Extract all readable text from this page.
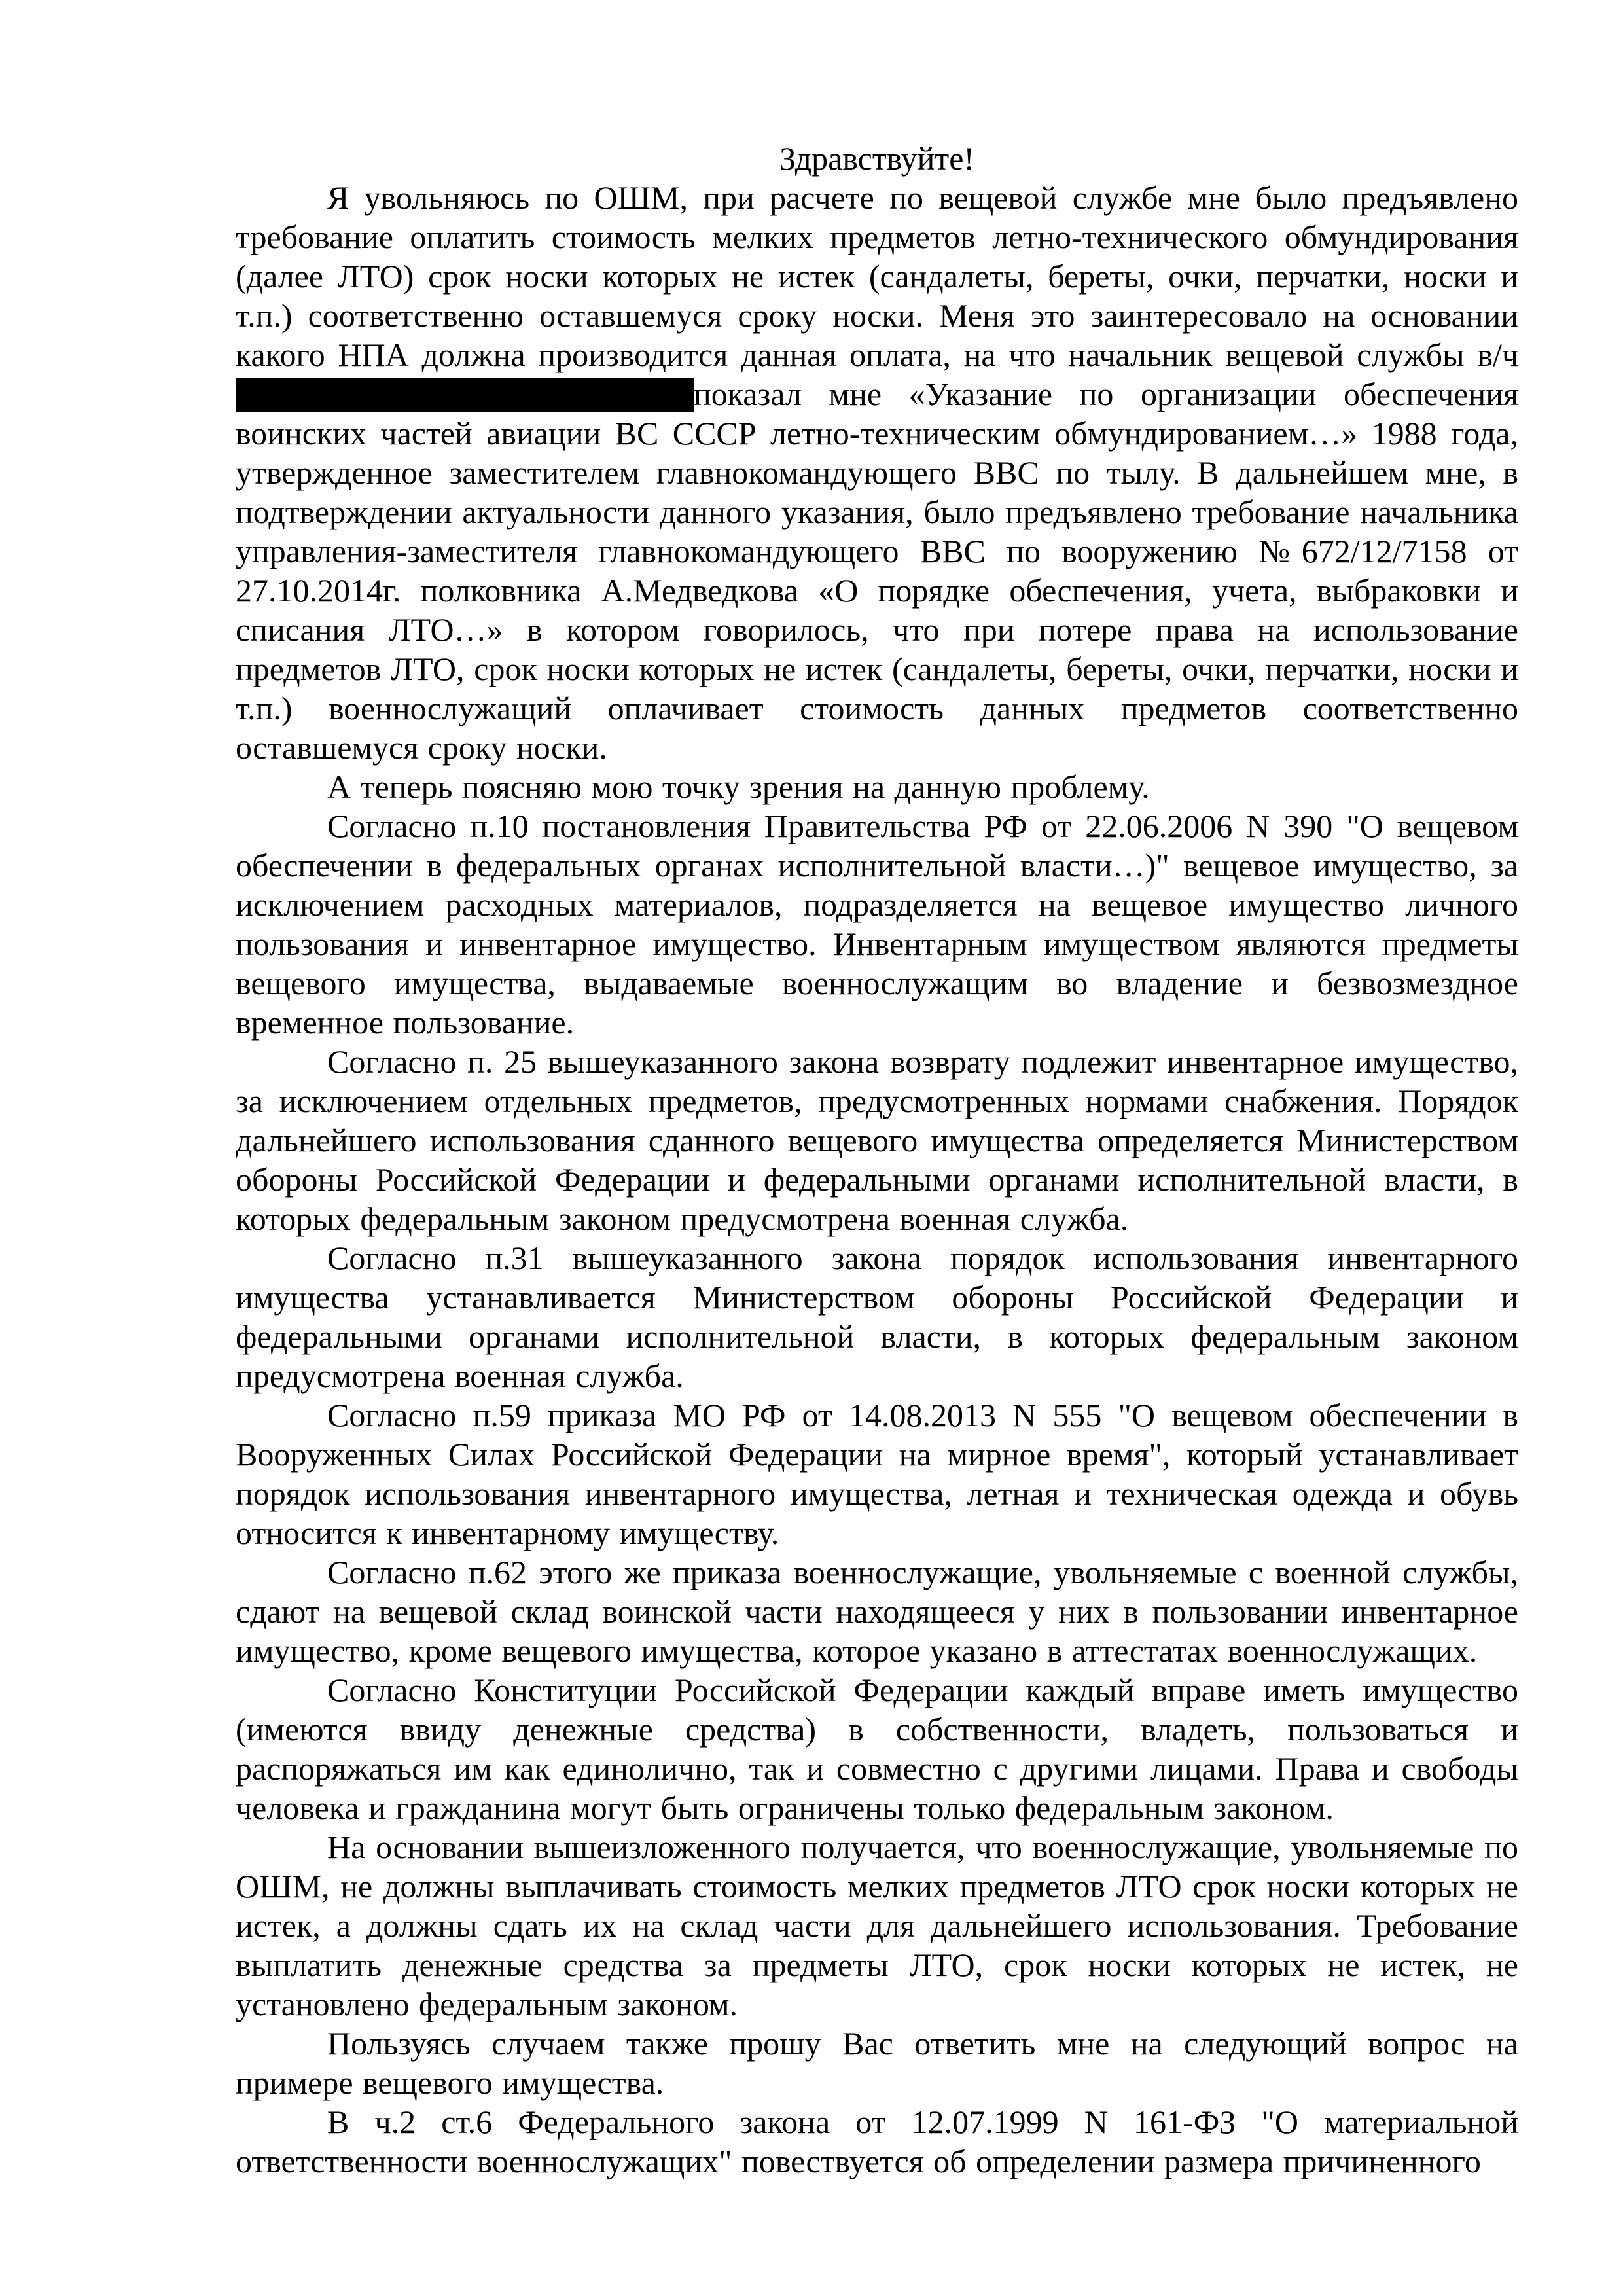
Здравствуйте!

Я увольняюсь по ОШМ, при расчете по вещевой службе мне было предъявлено требование оплатить стоимость мелких предметов летно-технического обмундирования (далее ЛТО) срок носки которых не истек (сандалеты, береты, очки, перчатки, носки и т.п.) соответственно оставшемуся сроку носки. Меня это заинтересовало на основании какого НПА должна производится данная оплата, на что начальник вещевой службы в/ч показал мне «Указание по организации обеспечения воинских частей авиации ВС СССР летно-техническим обмундированием…» 1988 года, утвержденное заместителем главнокомандующего ВВС по тылу. В дальнейшем мне, в подтверждении актуальности данного указания, было предъявлено требование начальника управления-заместителя главнокомандующего ВВС по вооружению №672/12/7158 от 27.10.2014г. полковника А.Медведкова «О порядке обеспечения, учета, выбраковки и списания ЛТО…» в котором говорилось, что при потере права на использование предметов ЛТО, срок носки которых не истек (сандалеты, береты, очки, перчатки, носки и т.п.) военнослужащий оплачивает стоимость данных предметов соответственно оставшемуся сроку носки.

А теперь поясняю мою точку зрения на данную проблему.

Согласно п.10 постановления Правительства РФ от 22.06.2006 N 390 "О вещевом обеспечении в федеральных органах исполнительной власти…)" вещевое имущество, за исключением расходных материалов, подразделяется на вещевое имущество личного пользования и инвентарное имущество. Инвентарным имуществом являются предметы вещевого имущества, выдаваемые военнослужащим во владение и безвозмездное временное пользование.

Согласно п. 25 вышеуказанного закона возврату подлежит инвентарное имущество, за исключением отдельных предметов, предусмотренных нормами снабжения. Порядок дальнейшего использования сданного вещевого имущества определяется Министерством обороны Российской Федерации и федеральными органами исполнительной власти, в которых федеральным законом предусмотрена военная служба.

Согласно п.31 вышеуказанного закона порядок использования инвентарного имущества устанавливается Министерством обороны Российской Федерации и федеральными органами исполнительной власти, в которых федеральным законом предусмотрена военная служба.

Согласно п.59 приказа МО РФ от 14.08.2013 N 555 "О вещевом обеспечении в Вооруженных Силах Российской Федерации на мирное время", который устанавливает порядок использования инвентарного имущества, летная и техническая одежда и обувь относится к инвентарному имуществу.

Согласно п.62 этого же приказа военнослужащие, увольняемые с военной службы, сдают на вещевой склад воинской части находящееся у них в пользовании инвентарное имущество, кроме вещевого имущества, которое указано в аттестатах военнослужащих.

Согласно Конституции Российской Федерации каждый вправе иметь имущество (имеются ввиду денежные средства) в собственности, владеть, пользоваться и распоряжаться им как единолично, так и совместно с другими лицами. Права и свободы человека и гражданина могут быть ограничены только федеральным законом.

На основании вышеизложенного получается, что военнослужащие, увольняемые по ОШМ, не должны выплачивать стоимость мелких предметов ЛТО срок носки которых не истек, а должны сдать их на склад части для дальнейшего использования. Требование выплатить денежные средства за предметы ЛТО, срок носки которых не истек, не установлено федеральным законом.

Пользуясь случаем также прошу Вас ответить мне на следующий вопрос на примере вещевого имущества.

В ч.2 ст.6 Федерального закона от 12.07.1999 N 161-ФЗ "О материальной ответственности военнослужащих" повествуется об определении размера причиненного
